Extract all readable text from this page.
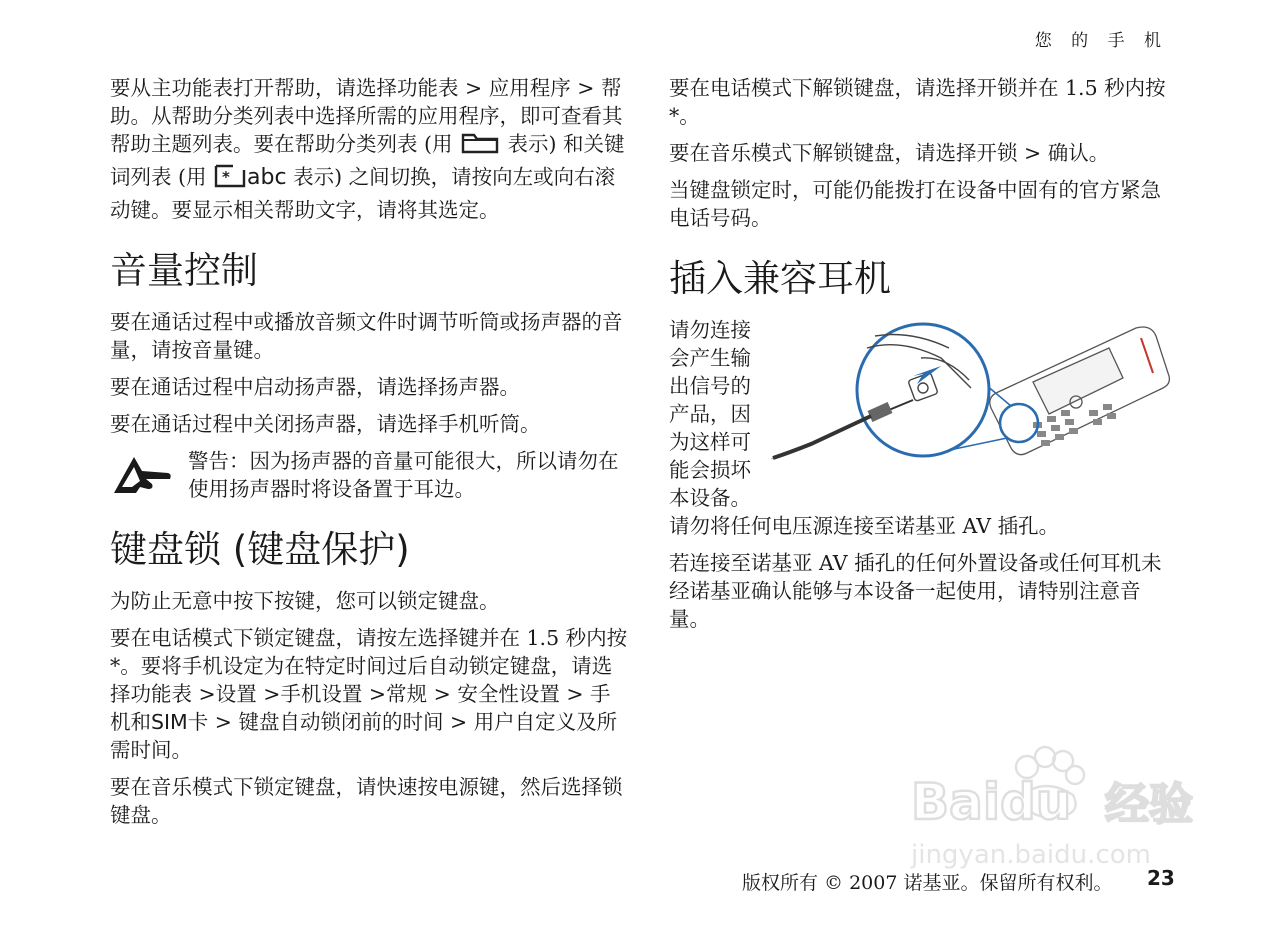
您 的 手 机

要从主功能表打开帮助，请选择功能表 > 应用程序 > 帮助。从帮助分类列表中选择所需的应用程序，即可查看其帮助主题列表。要在帮助分类列表 (用  表示) 和关键词列表 (用 * abc 表示) 之间切换，请按向左或向右滚动键。要显示相关帮助文字，请将其选定。

音量控制

要在通话过程中或播放音频文件时调节听筒或扬声器的音量，请按音量键。

要在通话过程中启动扬声器，请选择扬声器。

要在通话过程中关闭扬声器，请选择手机听筒。

警告：因为扬声器的音量可能很大，所以请勿在使用扬声器时将设备置于耳边。

键盘锁 (键盘保护)

为防止无意中按下按键，您可以锁定键盘。

要在电话模式下锁定键盘，请按左选择键并在 1.5 秒内按 *。要将手机设定为在特定时间过后自动锁定键盘，请选择功能表 >设置 >手机设置 >常规 > 安全性设置 > 手机和SIM卡 > 键盘自动锁闭前的时间 > 用户自定义及所需时间。

要在音乐模式下锁定键盘，请快速按电源键，然后选择锁键盘。

要在电话模式下解锁键盘，请选择开锁并在 1.5 秒内按 *。

要在音乐模式下解锁键盘，请选择开锁 > 确认。

当键盘锁定时，可能仍能拨打在设备中固有的官方紧急电话号码。

插入兼容耳机

请勿连接会产生输出信号的产品，因为这样可能会损坏本设备。

请勿将任何电压源连接至诺基亚 AV 插孔。

若连接至诺基亚 AV 插孔的任何外置设备或任何耳机未经诺基亚确认能够与本设备一起使用，请特别注意音量。

Baidu 经验
jingyan.baidu.com
版权所有 © 2007 诺基亚。保留所有权利。 23
